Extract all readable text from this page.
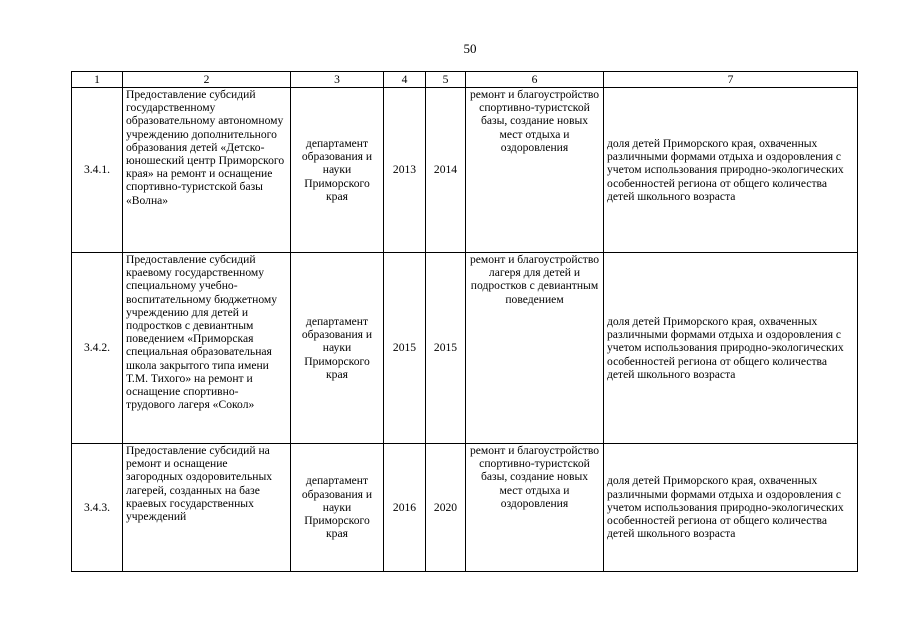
50
1	2	3	4	5	6	7
3.4.1.	Предоставление субсидий государственному образовательному автономному учреждению дополнительного образования детей «Детско-юношеский центр Приморского края» на ремонт и оснащение спортивно-туристской базы «Волна»	департамент образования и науки Приморского края	2013	2014	ремонт и благоустройство спортивно-туристской базы, создание новых мест отдыха и оздоровления	доля детей Приморского края, охваченных различными формами отдыха и оздоровления с учетом использования природно-экологических особенностей региона от общего количества детей школьного возраста
3.4.2.	Предоставление субсидий краевому государственному специальному учебно-воспитательному бюджетному учреждению для детей и подростков с девиантным поведением «Приморская специальная образовательная школа закрытого типа имени Т.М. Тихого» на ремонт и оснащение спортивно-трудового лагеря «Сокол»	департамент образования и науки Приморского края	2015	2015	ремонт и благоустройство лагеря для детей и подростков с девиантным поведением	доля детей Приморского края, охваченных различными формами отдыха и оздоровления с учетом использования природно-экологических особенностей региона от общего количества детей школьного возраста
3.4.3.	Предоставление субсидий на ремонт и оснащение загородных оздоровительных лагерей, созданных на базе краевых государственных учреждений	департамент образования и науки Приморского края	2016	2020	ремонт и благоустройство спортивно-туристской базы, создание новых мест отдыха и оздоровления	доля детей Приморского края, охваченных различными формами отдыха и оздоровления с учетом использования природно-экологических особенностей региона от общего количества детей школьного возраста
